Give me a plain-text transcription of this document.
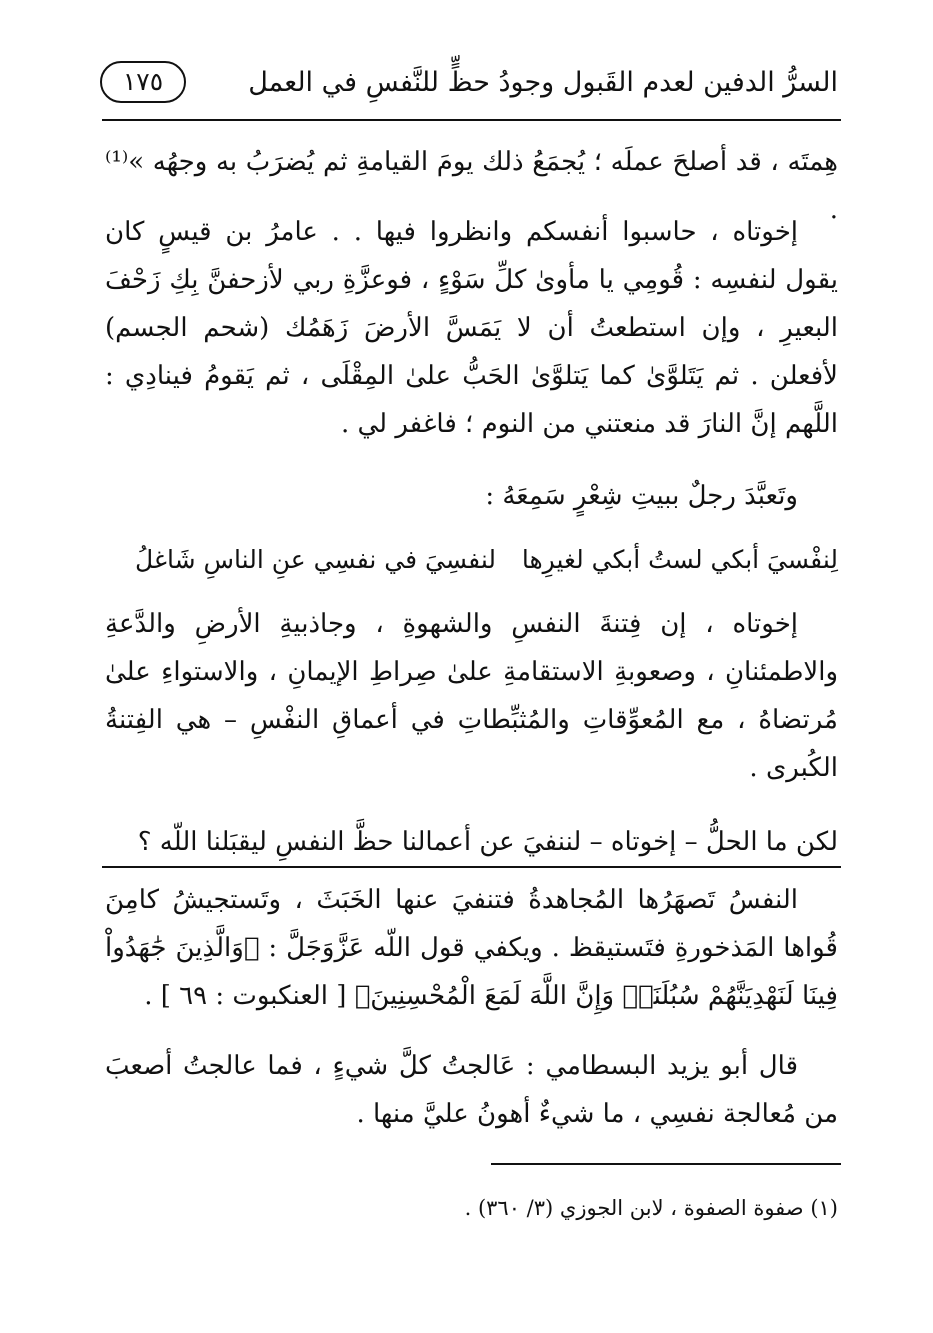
السرُّ الدفين لعدم القَبول وجودُ حظٍّ للنَّفسِ في العمل
١٧٥

هِمتَه ، قد أصلحَ عملَه ؛ يُجمَعُ ذلك يومَ القيامةِ ثم يُضرَبُ به وجهُه »⁽¹⁾ .

إخوتاه ، حاسبوا أنفسكم وانظروا فيها . . عامرُ بن قيسٍ كان يقول لنفسِه : قُومِي يا مأوىٰ كلِّ سَوْءٍ ، فوعزَّةِ ربي لأزحفنَّ بِكِ زَحْفَ البعيرِ ، وإن استطعتُ أن لا يَمَسَّ الأرضَ زَهَمُك (شحم الجسم) لأفعلن . ثم يَتَلوَّىٰ كما يَتلوَّىٰ الحَبُّ علىٰ المِقْلَى ، ثم يَقومُ فينادِي : اللَّهم إنَّ النارَ قد منعتني من النوم ؛ فاغفر لي .

وتَعبَّدَ رجلٌ ببيتِ شِعْرٍ سَمِعَهُ :

لِنفْسيَ أبكي لستُ أبكي لغيرِها
لنفسِيَ في نفسِي عنِ الناسِ شَاغلُ

إخوتاه ، إن فِتنةَ النفسِ والشهوةِ ، وجاذبيةِ الأرضِ والدَّعةِ والاطمئنانِ ، وصعوبةِ الاستقامةِ علىٰ صِراطِ الإيمانِ ، والاستواءِ علىٰ مُرتضاهُ ، مع المُعوِّقاتِ والمُثبِّطاتِ في أعماقِ النفْسِ – هي الفِتنةُ الكُبرى .

لكن ما الحلُّ – إخوتاه – لننفيَ عن أعمالنا حظَّ النفسِ ليقبَلنا اللّه ؟

النفسُ تَصهَرُها المُجاهدةُ فتنفيَ عنها الخَبَثَ ، وتَستجيشُ كامِنَ قُواها المَذخورةِ فتَستيقظ . ويكفي قول اللّه عَزَّوَجَلَّ : ﴿وَالَّذِينَ جَٰهَدُواْ فِينَا لَنَهْدِيَنَّهُمْ سُبُلَنَاۚ وَإِنَّ اللَّهَ لَمَعَ الْمُحْسِنِينَ﴾ [ العنكبوت : ٦٩ ] .

قال أبو يزيد البسطامي : عَالجتُ كلَّ شيءٍ ، فما عالجتُ أصعبَ من مُعالجة نفسِي ، ما شيءٌ أهونُ عليَّ منها .

(١) صفوة الصفوة ، لابن الجوزي (٣/ ٣٦٠) .
